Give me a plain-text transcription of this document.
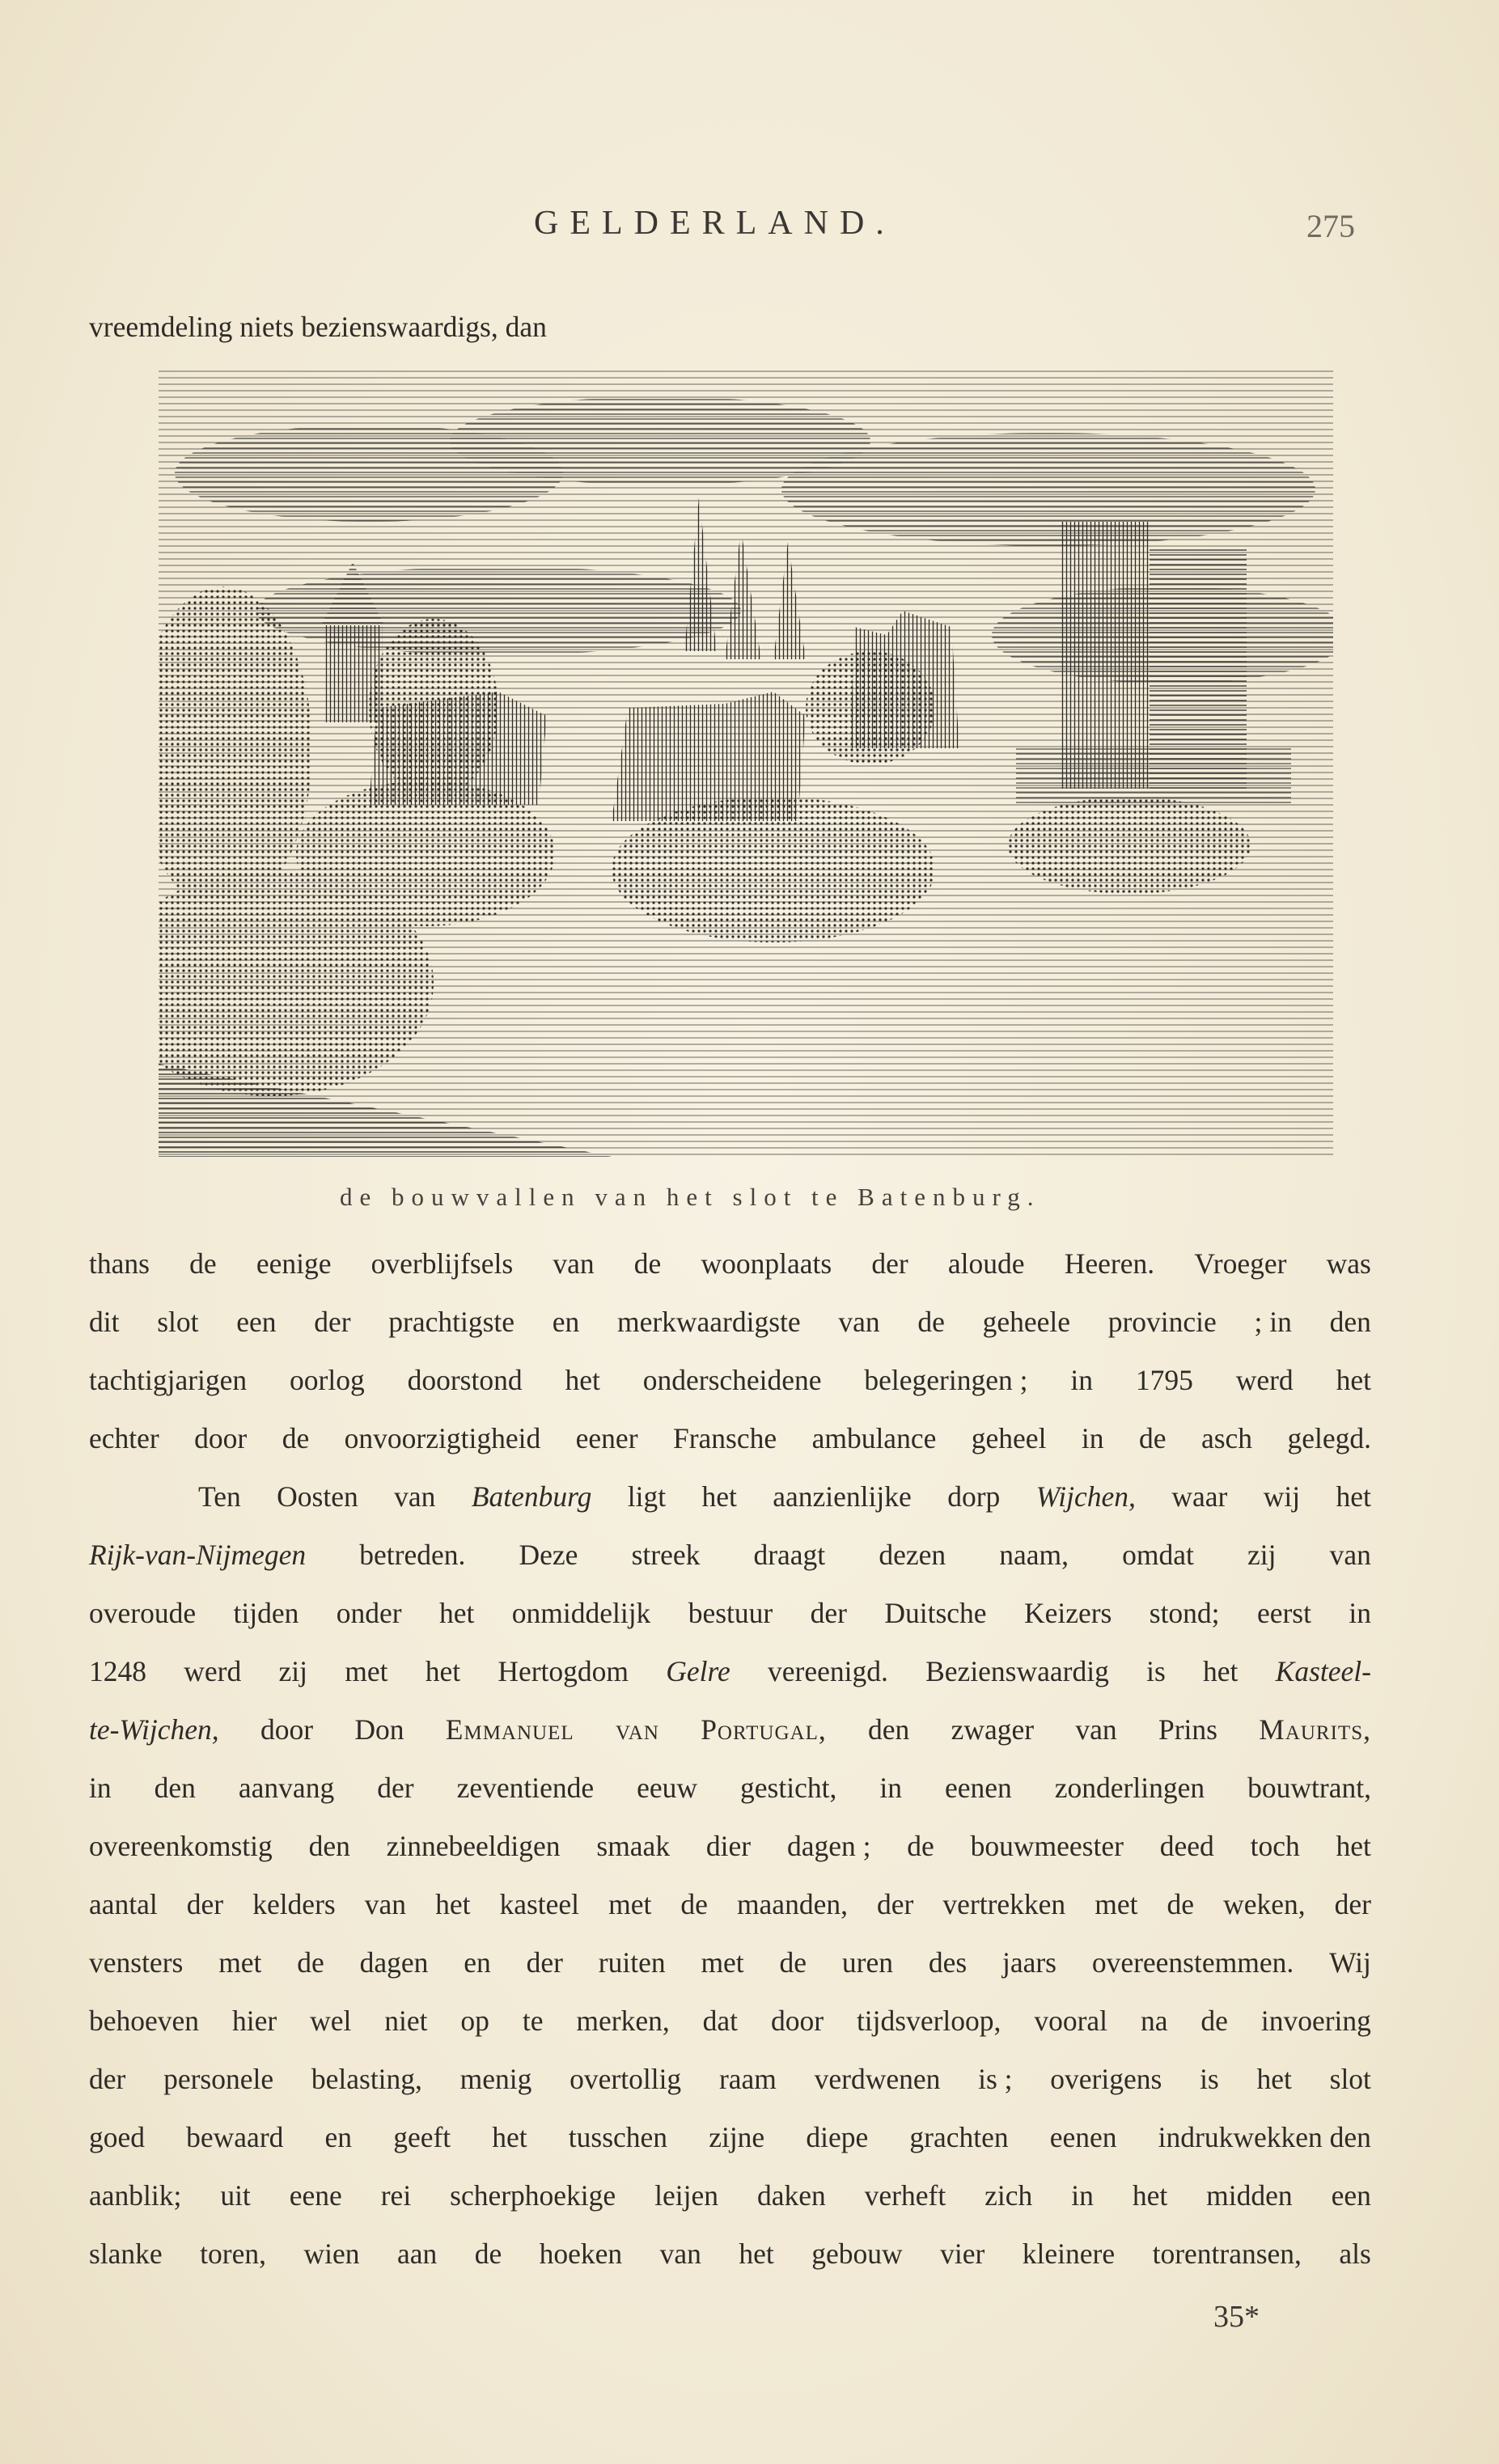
GELDERLAND.	275
vreemdeling niets bezienswaardigs, dan
de bouwvallen van het slot te Batenburg.
thans de eenige overblijfsels van de woonplaats der aloude Heeren. Vroeger was
dit slot een der prachtigste en merkwaardigste van de geheele provincie ; in den
tachtigjarigen oorlog doorstond het onderscheidene belegeringen ; in 1795 werd het
echter door de onvoorzigtigheid eener Fransche ambulance geheel in de asch gelegd.
Ten Oosten van Batenburg ligt het aanzienlijke dorp Wijchen, waar wij het
Rijk-van-Nijmegen betreden. Deze streek draagt dezen naam, omdat zij van
overoude tijden onder het onmiddelijk bestuur der Duitsche Keizers stond; eerst in
1248 werd zij met het Hertogdom Gelre vereenigd. Bezienswaardig is het Kasteel-
te-Wijchen, door Don Emmanuel van Portugal, den zwager van Prins Maurits,
in den aanvang der zeventiende eeuw gesticht, in eenen zonderlingen bouwtrant,
overeenkomstig den zinnebeeldigen smaak dier dagen ; de bouwmeester deed toch het
aantal der kelders van het kasteel met de maanden, der vertrekken met de weken, der
vensters met de dagen en der ruiten met de uren des jaars overeenstemmen. Wij
behoeven hier wel niet op te merken, dat door tijdsverloop, vooral na de invoering
der personele belasting, menig overtollig raam verdwenen is ; overigens is het slot
goed bewaard en geeft het tusschen zijne diepe grachten eenen indrukwekken den
aanblik; uit eene rei scherphoekige leijen daken verheft zich in het midden een
slanke toren, wien aan de hoeken van het gebouw vier kleinere torentransen, als
35*
